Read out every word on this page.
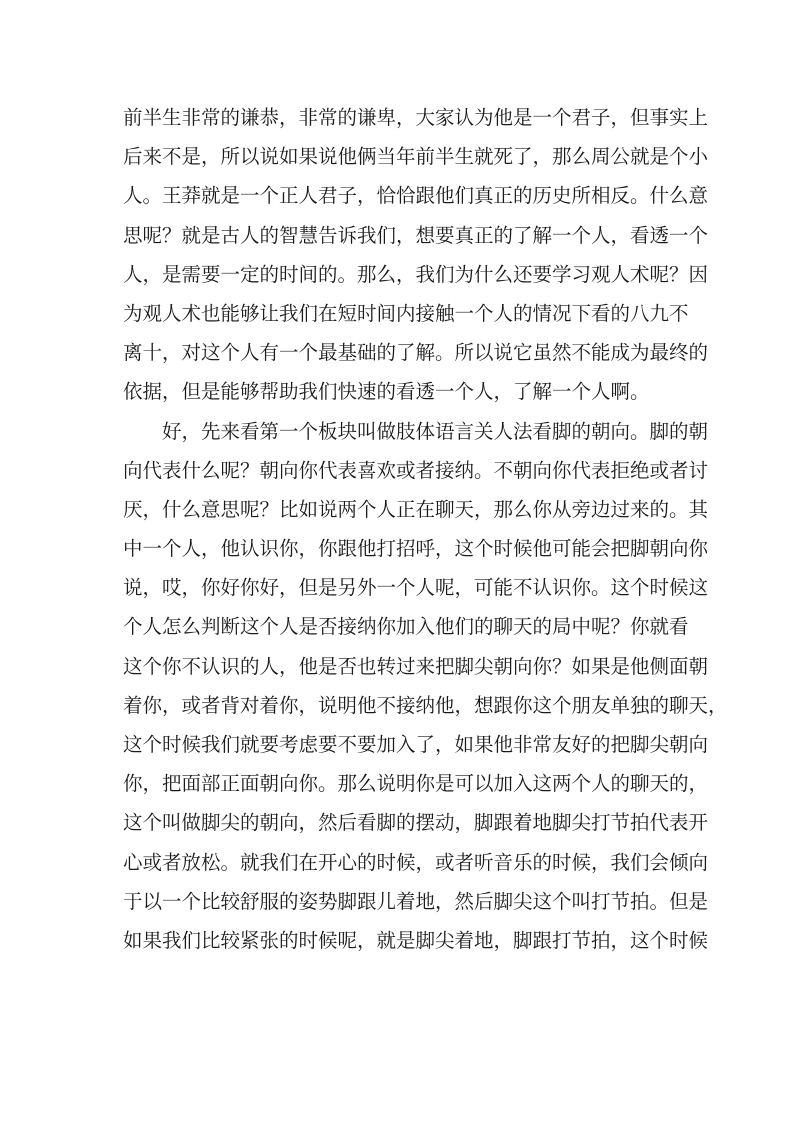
前半生非常的谦恭，非常的谦卑，大家认为他是一个君子，但事实上
后来不是，所以说如果说他俩当年前半生就死了，那么周公就是个小
人。王莽就是一个正人君子，恰恰跟他们真正的历史所相反。什么意
思呢？就是古人的智慧告诉我们，想要真正的了解一个人，看透一个
人，是需要一定的时间的。那么，我们为什么还要学习观人术呢？因
为观人术也能够让我们在短时间内接触一个人的情况下看的八九不
离十，对这个人有一个最基础的了解。所以说它虽然不能成为最终的
依据，但是能够帮助我们快速的看透一个人，了解一个人啊。
好，先来看第一个板块叫做肢体语言关人法看脚的朝向。脚的朝
向代表什么呢？朝向你代表喜欢或者接纳。不朝向你代表拒绝或者讨
厌，什么意思呢？比如说两个人正在聊天，那么你从旁边过来的。其
中一个人，他认识你，你跟他打招呼，这个时候他可能会把脚朝向你
说，哎，你好你好，但是另外一个人呢，可能不认识你。这个时候这
个人怎么判断这个人是否接纳你加入他们的聊天的局中呢？你就看
这个你不认识的人，他是否也转过来把脚尖朝向你？如果是他侧面朝
着你，或者背对着你，说明他不接纳他，想跟你这个朋友单独的聊天，
这个时候我们就要考虑要不要加入了，如果他非常友好的把脚尖朝向
你，把面部正面朝向你。那么说明你是可以加入这两个人的聊天的，
这个叫做脚尖的朝向，然后看脚的摆动，脚跟着地脚尖打节拍代表开
心或者放松。就我们在开心的时候，或者听音乐的时候，我们会倾向
于以一个比较舒服的姿势脚跟儿着地，然后脚尖这个叫打节拍。但是
如果我们比较紧张的时候呢，就是脚尖着地，脚跟打节拍，这个时候
